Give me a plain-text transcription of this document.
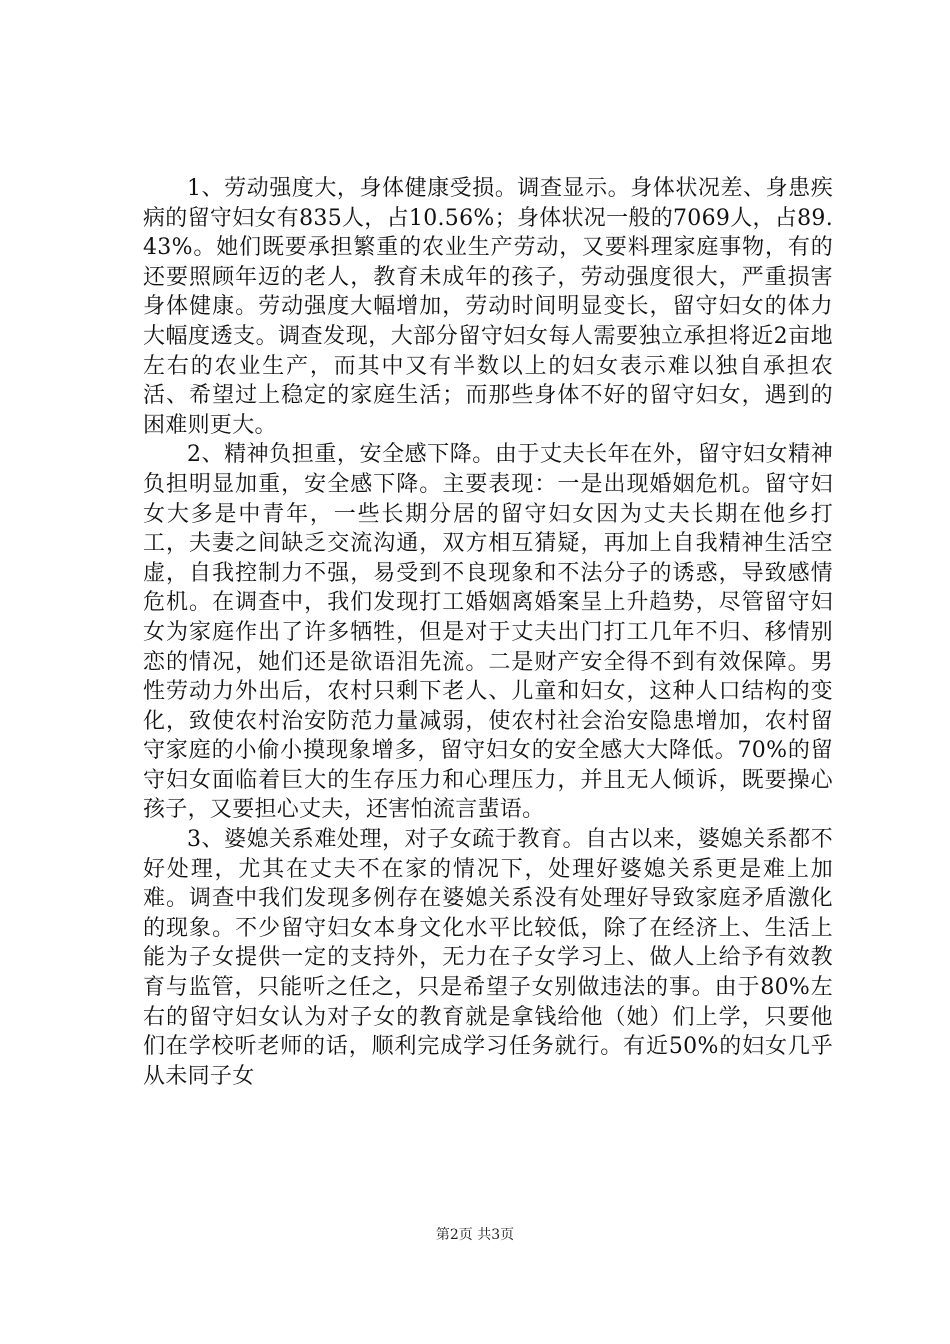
1、劳动强度大，身体健康受损。调查显示。身体状况差、身患疾病的留守妇女有835人，占10.56%；身体状况一般的7069人，占89.43%。她们既要承担繁重的农业生产劳动，又要料理家庭事物，有的还要照顾年迈的老人，教育未成年的孩子，劳动强度很大，严重损害身体健康。劳动强度大幅增加，劳动时间明显变长，留守妇女的体力大幅度透支。调查发现，大部分留守妇女每人需要独立承担将近2亩地左右的农业生产，而其中又有半数以上的妇女表示难以独自承担农活、希望过上稳定的家庭生活；而那些身体不好的留守妇女，遇到的困难则更大。

2、精神负担重，安全感下降。由于丈夫长年在外，留守妇女精神负担明显加重，安全感下降。主要表现：一是出现婚姻危机。留守妇女大多是中青年，一些长期分居的留守妇女因为丈夫长期在他乡打工，夫妻之间缺乏交流沟通，双方相互猜疑，再加上自我精神生活空虚，自我控制力不强，易受到不良现象和不法分子的诱惑，导致感情危机。在调查中，我们发现打工婚姻离婚案呈上升趋势，尽管留守妇女为家庭作出了许多牺牲，但是对于丈夫出门打工几年不归、移情别恋的情况，她们还是欲语泪先流。二是财产安全得不到有效保障。男性劳动力外出后，农村只剩下老人、儿童和妇女，这种人口结构的变化，致使农村治安防范力量减弱，使农村社会治安隐患增加，农村留守家庭的小偷小摸现象增多，留守妇女的安全感大大降低。70%的留守妇女面临着巨大的生存压力和心理压力，并且无人倾诉，既要操心孩子，又要担心丈夫，还害怕流言蜚语。

3、婆媳关系难处理，对子女疏于教育。自古以来，婆媳关系都不好处理，尤其在丈夫不在家的情况下，处理好婆媳关系更是难上加难。调查中我们发现多例存在婆媳关系没有处理好导致家庭矛盾激化的现象。不少留守妇女本身文化水平比较低，除了在经济上、生活上能为子女提供一定的支持外，无力在子女学习上、做人上给予有效教育与监管，只能听之任之，只是希望子女别做违法的事。由于80%左右的留守妇女认为对子女的教育就是拿钱给他（她）们上学，只要他们在学校听老师的话，顺利完成学习任务就行。有近50%的妇女几乎从未同子女

第2页 共3页
